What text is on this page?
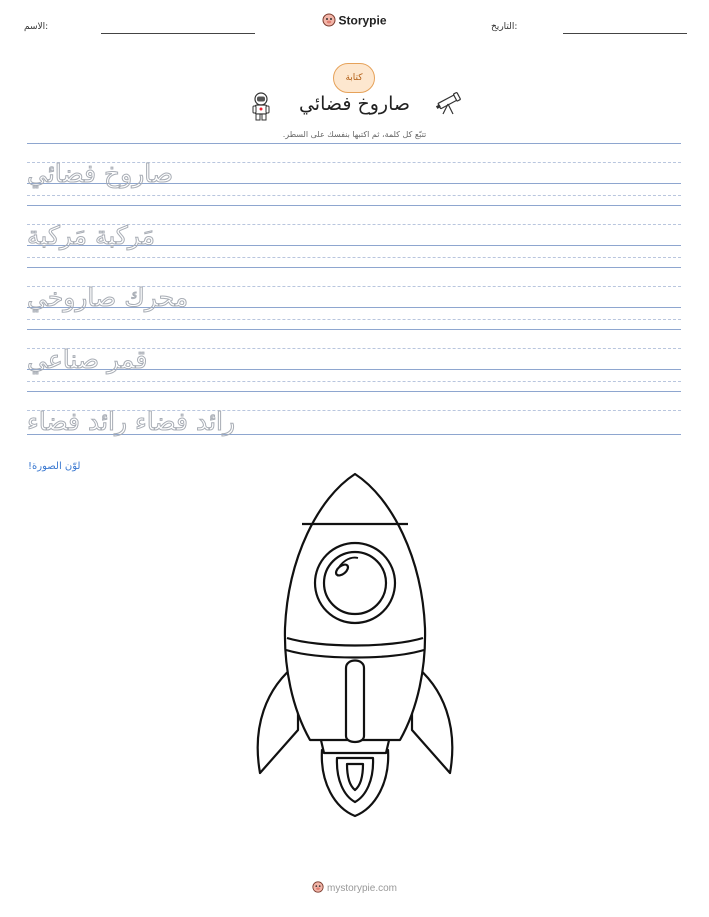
الاسم:	Storypie	التاريخ:
كتابة
صاروخ فضائي
تتبّع كل كلمة، ثم اكتبها بنفسك على السطر.
صاروخ فضائي
مَركبة مَركبة
محرك صاروخي
قمر صناعي
رائد فضاء رائد فضاء
لوّن الصورة!
mystorypie.com
